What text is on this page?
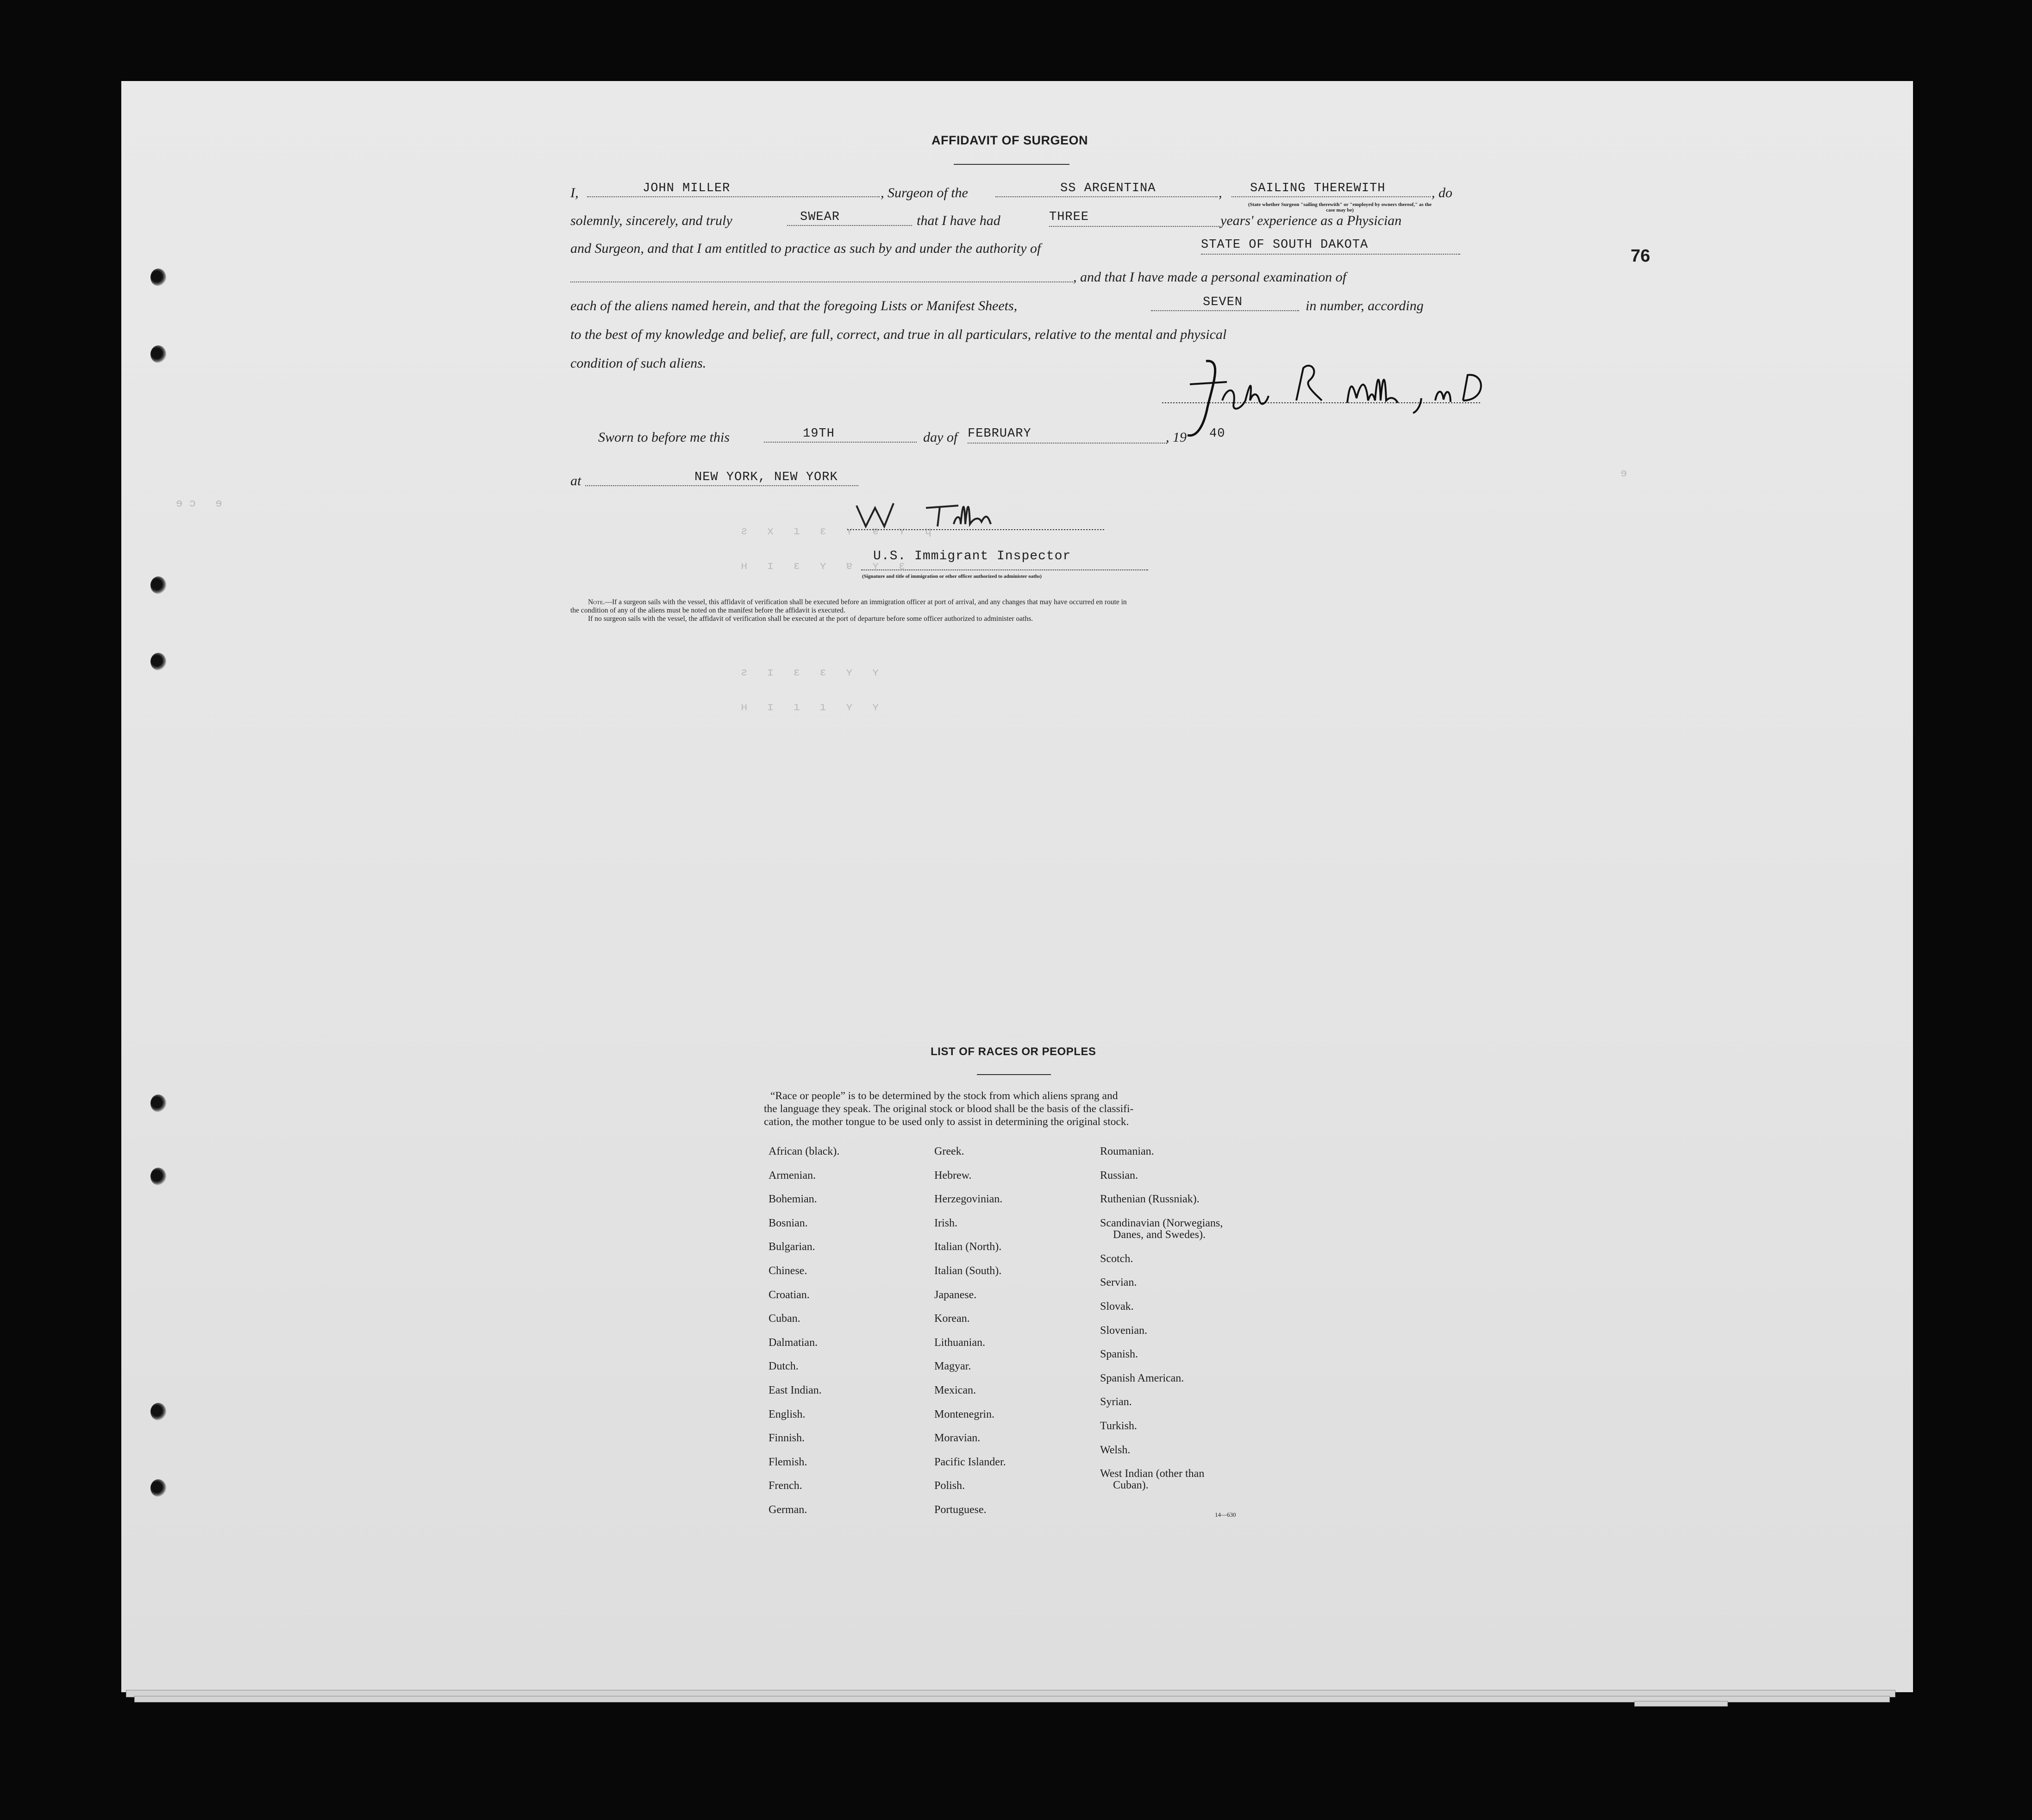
ƨ x ı ɛ ʏ ɐ ʏ ɥ
ʜ ɪ ɛ ʏ ɐ ʏ ɛ
ƨ ɪ ɛ ɛ ʏ ʏ
ʜ ɪ ı ı ʏ ʏ
ɘɔ ɘ
ɘ
76
AFFIDAVIT OF SURGEON
I,	JOHN MILLER	, Surgeon of the	SS ARGENTINA	,	SAILING THEREWITH	, do
(State whether Surgeon "sailing therewith" or "employed by owners thereof," as the case may be)
solemnly, sincerely, and truly	SWEAR	that I have had	THREE	years' experience as a Physician
and Surgeon, and that I am entitled to practice as such by and under the authority of	STATE OF SOUTH DAKOTA
, and that I have made a personal examination of
each of the aliens named herein, and that the foregoing Lists or Manifest Sheets,	SEVEN	in number, according
to the best of my knowledge and belief, are full, correct, and true in all particulars, relative to the mental and physical
condition of such aliens.
Sworn to before me this	19TH	day of FEBRUARY	, 19 40
at	NEW YORK, NEW YORK
U.S. Immigrant Inspector
(Signature and title of immigration or other officer authorized to administer oaths)
Note.—If a surgeon sails with the vessel, this affidavit of verification shall be executed before an immigration officer at port of arrival, and any changes that may have occurred en route in
the condition of any of the aliens must be noted on the manifest before the affidavit is executed.
If no surgeon sails with the vessel, the affidavit of verification shall be executed at the port of departure before some officer authorized to administer oaths.
LIST OF RACES OR PEOPLES
“Race or people” is to be determined by the stock from which aliens sprang and
the language they speak. The original stock or blood shall be the basis of the classifi-
cation, the mother tongue to be used only to assist in determining the original stock.
African (black).
Armenian.
Bohemian.
Bosnian.
Bulgarian.
Chinese.
Croatian.
Cuban.
Dalmatian.
Dutch.
East Indian.
English.
Finnish.
Flemish.
French.
German.
Greek.
Hebrew.
Herzegovinian.
Irish.
Italian (North).
Italian (South).
Japanese.
Korean.
Lithuanian.
Magyar.
Mexican.
Montenegrin.
Moravian.
Pacific Islander.
Polish.
Portuguese.
Roumanian.
Russian.
Ruthenian (Russniak).
Scandinavian (Norwegians,
Danes, and Swedes).
Scotch.
Servian.
Slovak.
Slovenian.
Spanish.
Spanish American.
Syrian.
Turkish.
Welsh.
West Indian (other than
Cuban).
14—630
